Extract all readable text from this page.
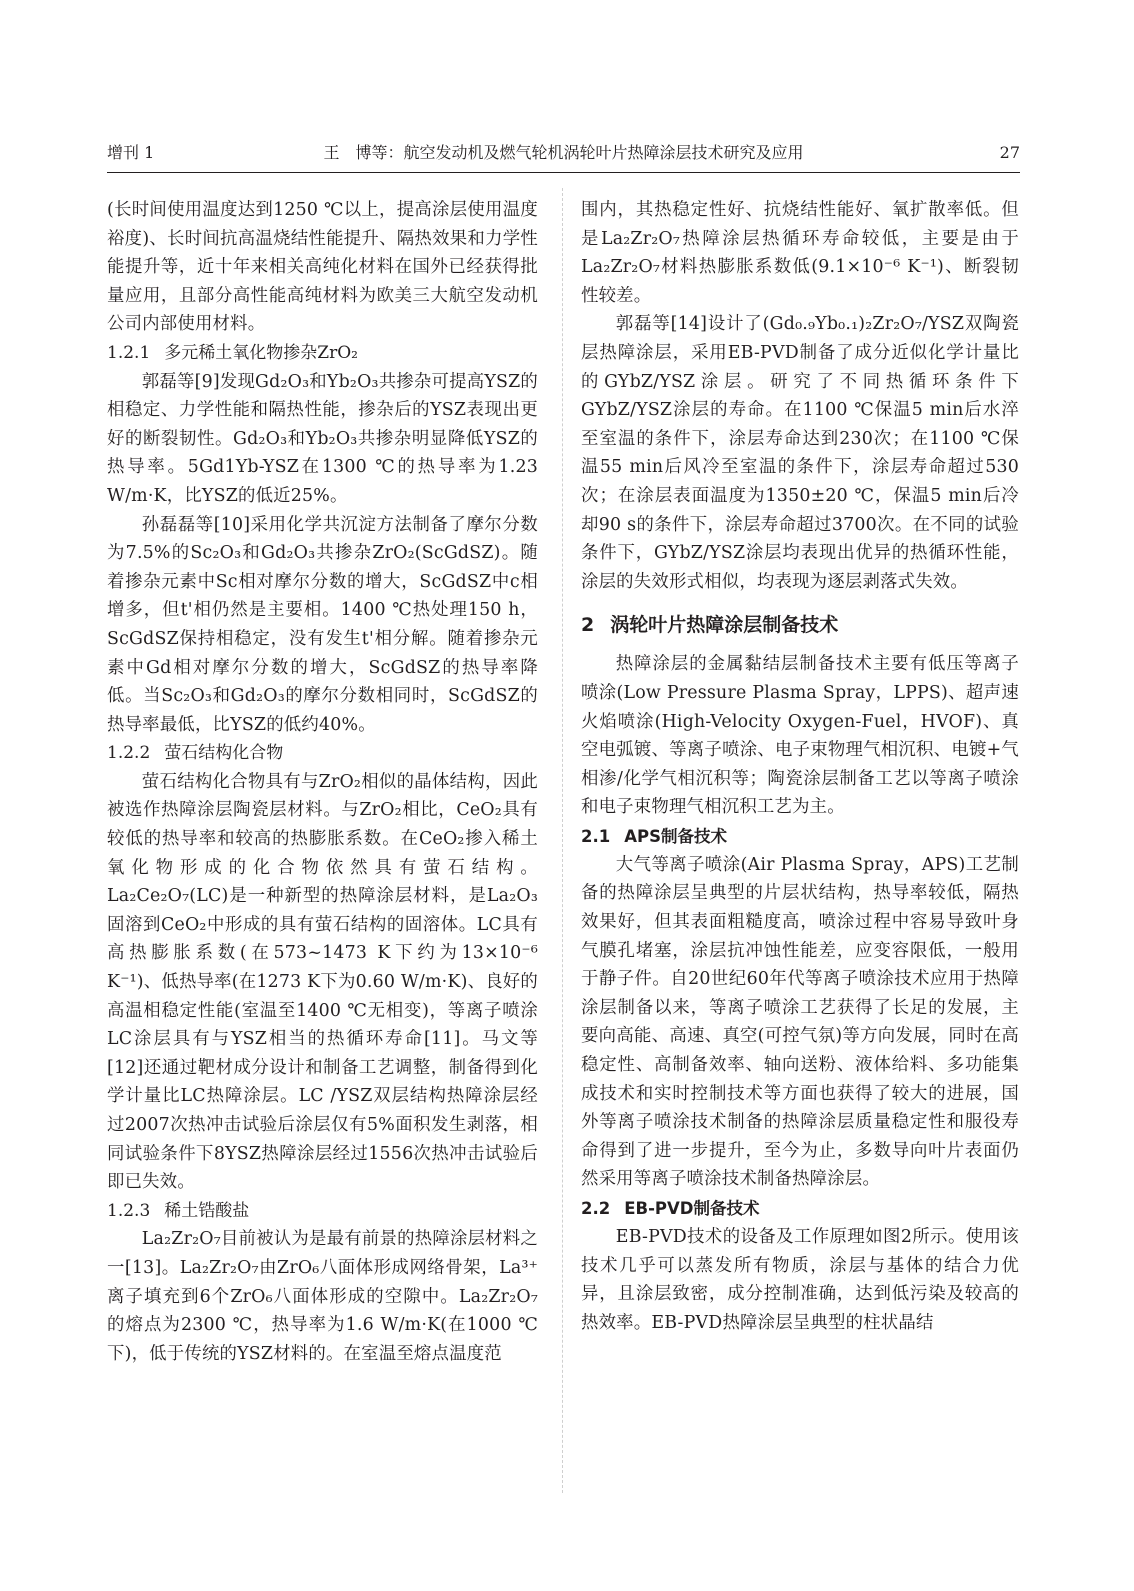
增刊 1	王　博等：航空发动机及燃气轮机涡轮叶片热障涂层技术研究及应用	27

(长时间使用温度达到1250 ℃以上，提高涂层使用温度裕度)、长时间抗高温烧结性能提升、隔热效果和力学性能提升等，近十年来相关高纯化材料在国外已经获得批量应用，且部分高性能高纯材料为欧美三大航空发动机公司内部使用材料。

1.2.1 多元稀土氧化物掺杂ZrO₂

郭磊等[9]发现Gd₂O₃和Yb₂O₃共掺杂可提高YSZ的相稳定、力学性能和隔热性能，掺杂后的YSZ表现出更好的断裂韧性。Gd₂O₃和Yb₂O₃共掺杂明显降低YSZ的热导率。5Gd1Yb-YSZ在1300 ℃的热导率为1.23 W/m·K，比YSZ的低近25%。

孙磊磊等[10]采用化学共沉淀方法制备了摩尔分数为7.5%的Sc₂O₃和Gd₂O₃共掺杂ZrO₂(ScGdSZ)。随着掺杂元素中Sc相对摩尔分数的增大，ScGdSZ中c相增多，但t'相仍然是主要相。1400 ℃热处理150 h，ScGdSZ保持相稳定，没有发生t'相分解。随着掺杂元素中Gd相对摩尔分数的增大，ScGdSZ的热导率降低。当Sc₂O₃和Gd₂O₃的摩尔分数相同时，ScGdSZ的热导率最低，比YSZ的低约40%。

1.2.2 萤石结构化合物

萤石结构化合物具有与ZrO₂相似的晶体结构，因此被选作热障涂层陶瓷层材料。与ZrO₂相比，CeO₂具有较低的热导率和较高的热膨胀系数。在CeO₂掺入稀土氧化物形成的化合物依然具有萤石结构。La₂Ce₂O₇(LC)是一种新型的热障涂层材料，是La₂O₃固溶到CeO₂中形成的具有萤石结构的固溶体。LC具有高热膨胀系数(在573~1473 K下约为13×10⁻⁶ K⁻¹)、低热导率(在1273 K下为0.60 W/m·K)、良好的高温相稳定性能(室温至1400 ℃无相变)，等离子喷涂LC涂层具有与YSZ相当的热循环寿命[11]。马文等[12]还通过靶材成分设计和制备工艺调整，制备得到化学计量比LC热障涂层。LC /YSZ双层结构热障涂层经过2007次热冲击试验后涂层仅有5%面积发生剥落，相同试验条件下8YSZ热障涂层经过1556次热冲击试验后即已失效。

1.2.3 稀土锆酸盐

La₂Zr₂O₇目前被认为是最有前景的热障涂层材料之一[13]。La₂Zr₂O₇由ZrO₆八面体形成网络骨架，La³⁺离子填充到6个ZrO₆八面体形成的空隙中。La₂Zr₂O₇的熔点为2300 ℃，热导率为1.6 W/m·K(在1000 ℃下)，低于传统的YSZ材料的。在室温至熔点温度范

围内，其热稳定性好、抗烧结性能好、氧扩散率低。但是La₂Zr₂O₇热障涂层热循环寿命较低，主要是由于La₂Zr₂O₇材料热膨胀系数低(9.1×10⁻⁶ K⁻¹)、断裂韧性较差。

郭磊等[14]设计了(Gd₀.₉Yb₀.₁)₂Zr₂O₇/YSZ双陶瓷层热障涂层，采用EB-PVD制备了成分近似化学计量比的GYbZ/YSZ涂层。研究了不同热循环条件下GYbZ/YSZ涂层的寿命。在1100 ℃保温5 min后水淬至室温的条件下，涂层寿命达到230次；在1100 ℃保温55 min后风冷至室温的条件下，涂层寿命超过530次；在涂层表面温度为1350±20 ℃，保温5 min后冷却90 s的条件下，涂层寿命超过3700次。在不同的试验条件下，GYbZ/YSZ涂层均表现出优异的热循环性能，涂层的失效形式相似，均表现为逐层剥落式失效。

2 涡轮叶片热障涂层制备技术

热障涂层的金属黏结层制备技术主要有低压等离子喷涂(Low Pressure Plasma Spray，LPPS)、超声速火焰喷涂(High-Velocity Oxygen-Fuel，HVOF)、真空电弧镀、等离子喷涂、电子束物理气相沉积、电镀+气相渗/化学气相沉积等；陶瓷涂层制备工艺以等离子喷涂和电子束物理气相沉积工艺为主。

2.1 APS制备技术

大气等离子喷涂(Air Plasma Spray，APS)工艺制备的热障涂层呈典型的片层状结构，热导率较低，隔热效果好，但其表面粗糙度高，喷涂过程中容易导致叶身气膜孔堵塞，涂层抗冲蚀性能差，应变容限低，一般用于静子件。自20世纪60年代等离子喷涂技术应用于热障涂层制备以来，等离子喷涂工艺获得了长足的发展，主要向高能、高速、真空(可控气氛)等方向发展，同时在高稳定性、高制备效率、轴向送粉、液体给料、多功能集成技术和实时控制技术等方面也获得了较大的进展，国外等离子喷涂技术制备的热障涂层质量稳定性和服役寿命得到了进一步提升，至今为止，多数导向叶片表面仍然采用等离子喷涂技术制备热障涂层。

2.2 EB-PVD制备技术

EB-PVD技术的设备及工作原理如图2所示。使用该技术几乎可以蒸发所有物质，涂层与基体的结合力优异，且涂层致密，成分控制准确，达到低污染及较高的热效率。EB-PVD热障涂层呈典型的柱状晶结
